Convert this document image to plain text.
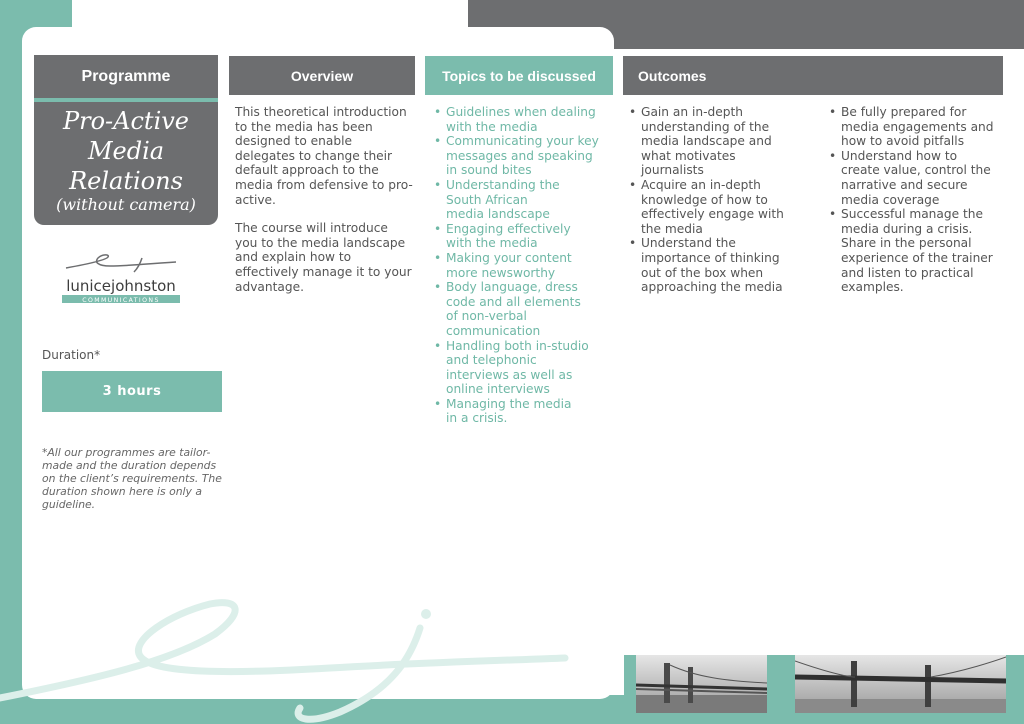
Programme
Pro-Active
Media
Relations
(without camera)
lunicejohnston
COMMUNICATIONS
ej
Duration*
3 hours
*All our programmes are tailor-made and the duration depends on the client’s requirements. The duration shown here is only a guideline.
Overview	Topics to be discussed	Outcomes

This theoretical introduction to the media has been designed to enable delegates to change their default approach to the media from defensive to pro-active.

The course will introduce you to the media landscape and explain how to effectively manage it to your advantage.

• Guidelines when dealing with the media
• Communicating your key messages and speaking in sound bites
• Understanding the South African media landscape
• Engaging effectively with the media
• Making your content more newsworthy
• Body language, dress code and all elements of non-verbal communication
• Handling both in-studio and telephonic interviews as well as online interviews
• Managing the media in a crisis.
• Gain an in-depth understanding of the media landscape and what motivates journalists
• Acquire an in-depth knowledge of how to effectively engage with the media
• Understand the importance of thinking out of the box when approaching the media
• Be fully prepared for media engagements and how to avoid pitfalls
• Understand how to create value, control the narrative and secure media coverage
• Successful manage the media during a crisis. Share in the personal experience of the trainer and listen to practical examples.
